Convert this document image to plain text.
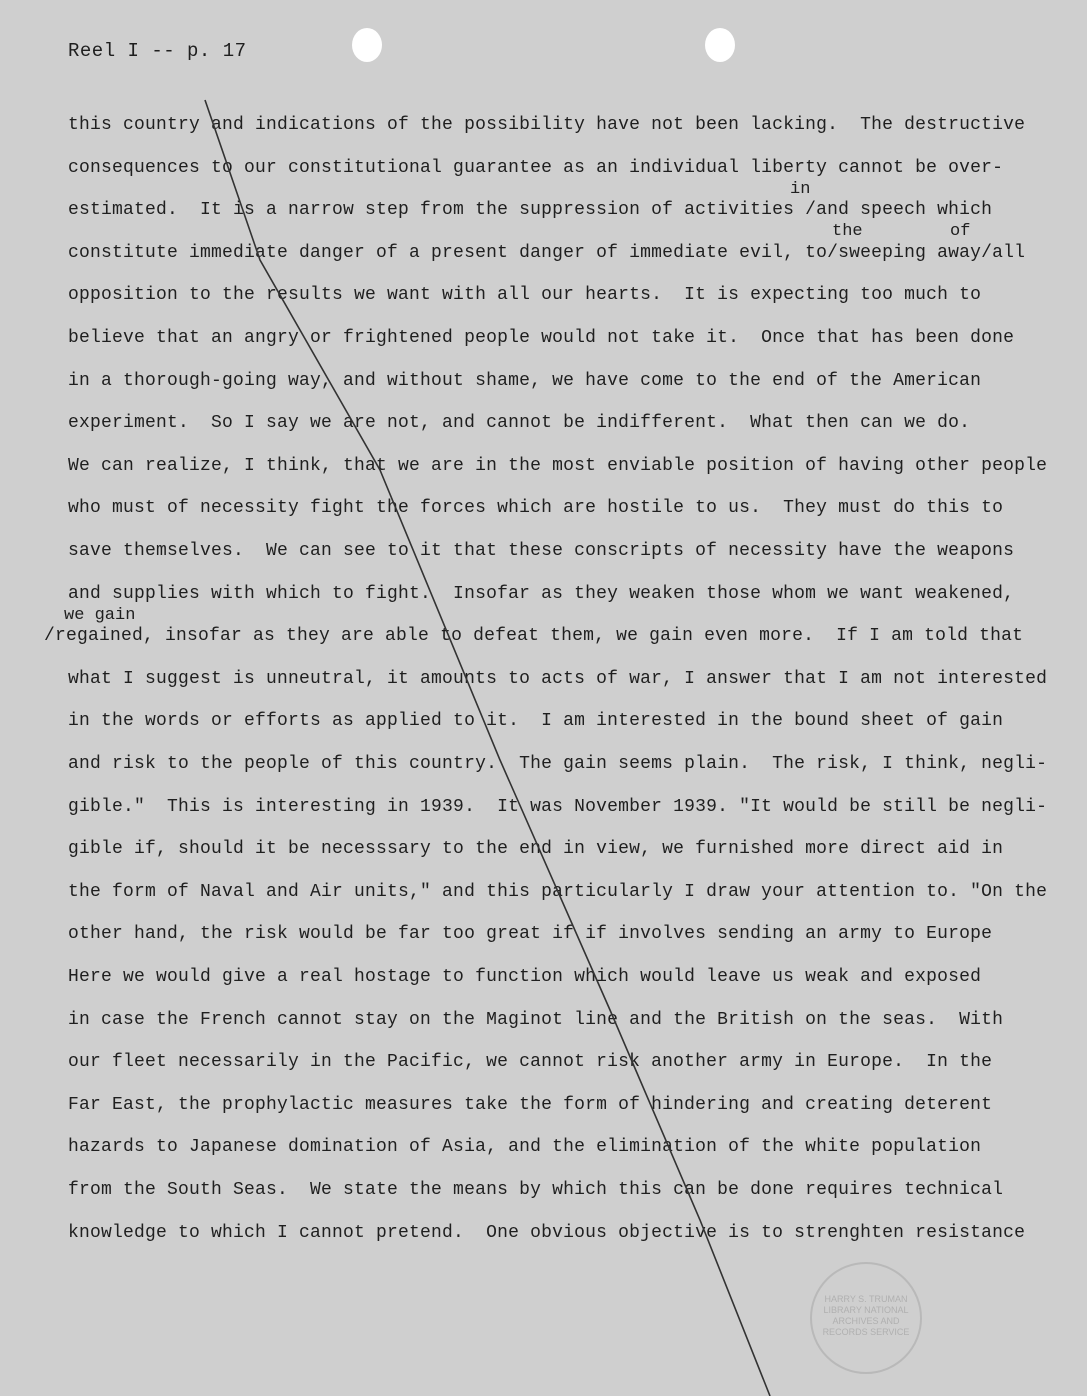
Reel I -- p. 17
in
the	of
we gain
this country and indications of the possibility have not been lacking.  The destructive
consequences to our constitutional guarantee as an individual liberty cannot be over-
estimated.  It is a narrow step from the suppression of activities /and speech which
constitute immediate danger of a present danger of immediate evil, to/sweeping away/all
opposition to the results we want with all our hearts.  It is expecting too much to
believe that an angry or frightened people would not take it.  Once that has been done
in a thorough-going way, and without shame, we have come to the end of the American
experiment.  So I say we are not, and cannot be indifferent.  What then can we do.
We can realize, I think, that we are in the most enviable position of having other people
who must of necessity fight the forces which are hostile to us.  They must do this to
save themselves.  We can see to it that these conscripts of necessity have the weapons
and supplies with which to fight.  Insofar as they weaken those whom we want weakened,
/regained, insofar as they are able to defeat them, we gain even more.  If I am told that
what I suggest is unneutral, it amounts to acts of war, I answer that I am not interested
in the words or efforts as applied to it.  I am interested in the bound sheet of gain
and risk to the people of this country.  The gain seems plain.  The risk, I think, negli-
gible."  This is interesting in 1939.  It was November 1939. "It would be still be negli-
gible if, should it be necesssary to the end in view, we furnished more direct aid in
the form of Naval and Air units," and this particularly I draw your attention to. "On the
other hand, the risk would be far too great if if involves sending an army to Europe
Here we would give a real hostage to function which would leave us weak and exposed
in case the French cannot stay on the Maginot line and the British on the seas.  With
our fleet necessarily in the Pacific, we cannot risk another army in Europe.  In the
Far East, the prophylactic measures take the form of hindering and creating deterent
hazards to Japanese domination of Asia, and the elimination of the white population
from the South Seas.  We state the means by which this can be done requires technical
knowledge to which I cannot pretend.  One obvious objective is to strenghten resistance
HARRY S. TRUMAN LIBRARY NATIONAL ARCHIVES AND RECORDS SERVICE
